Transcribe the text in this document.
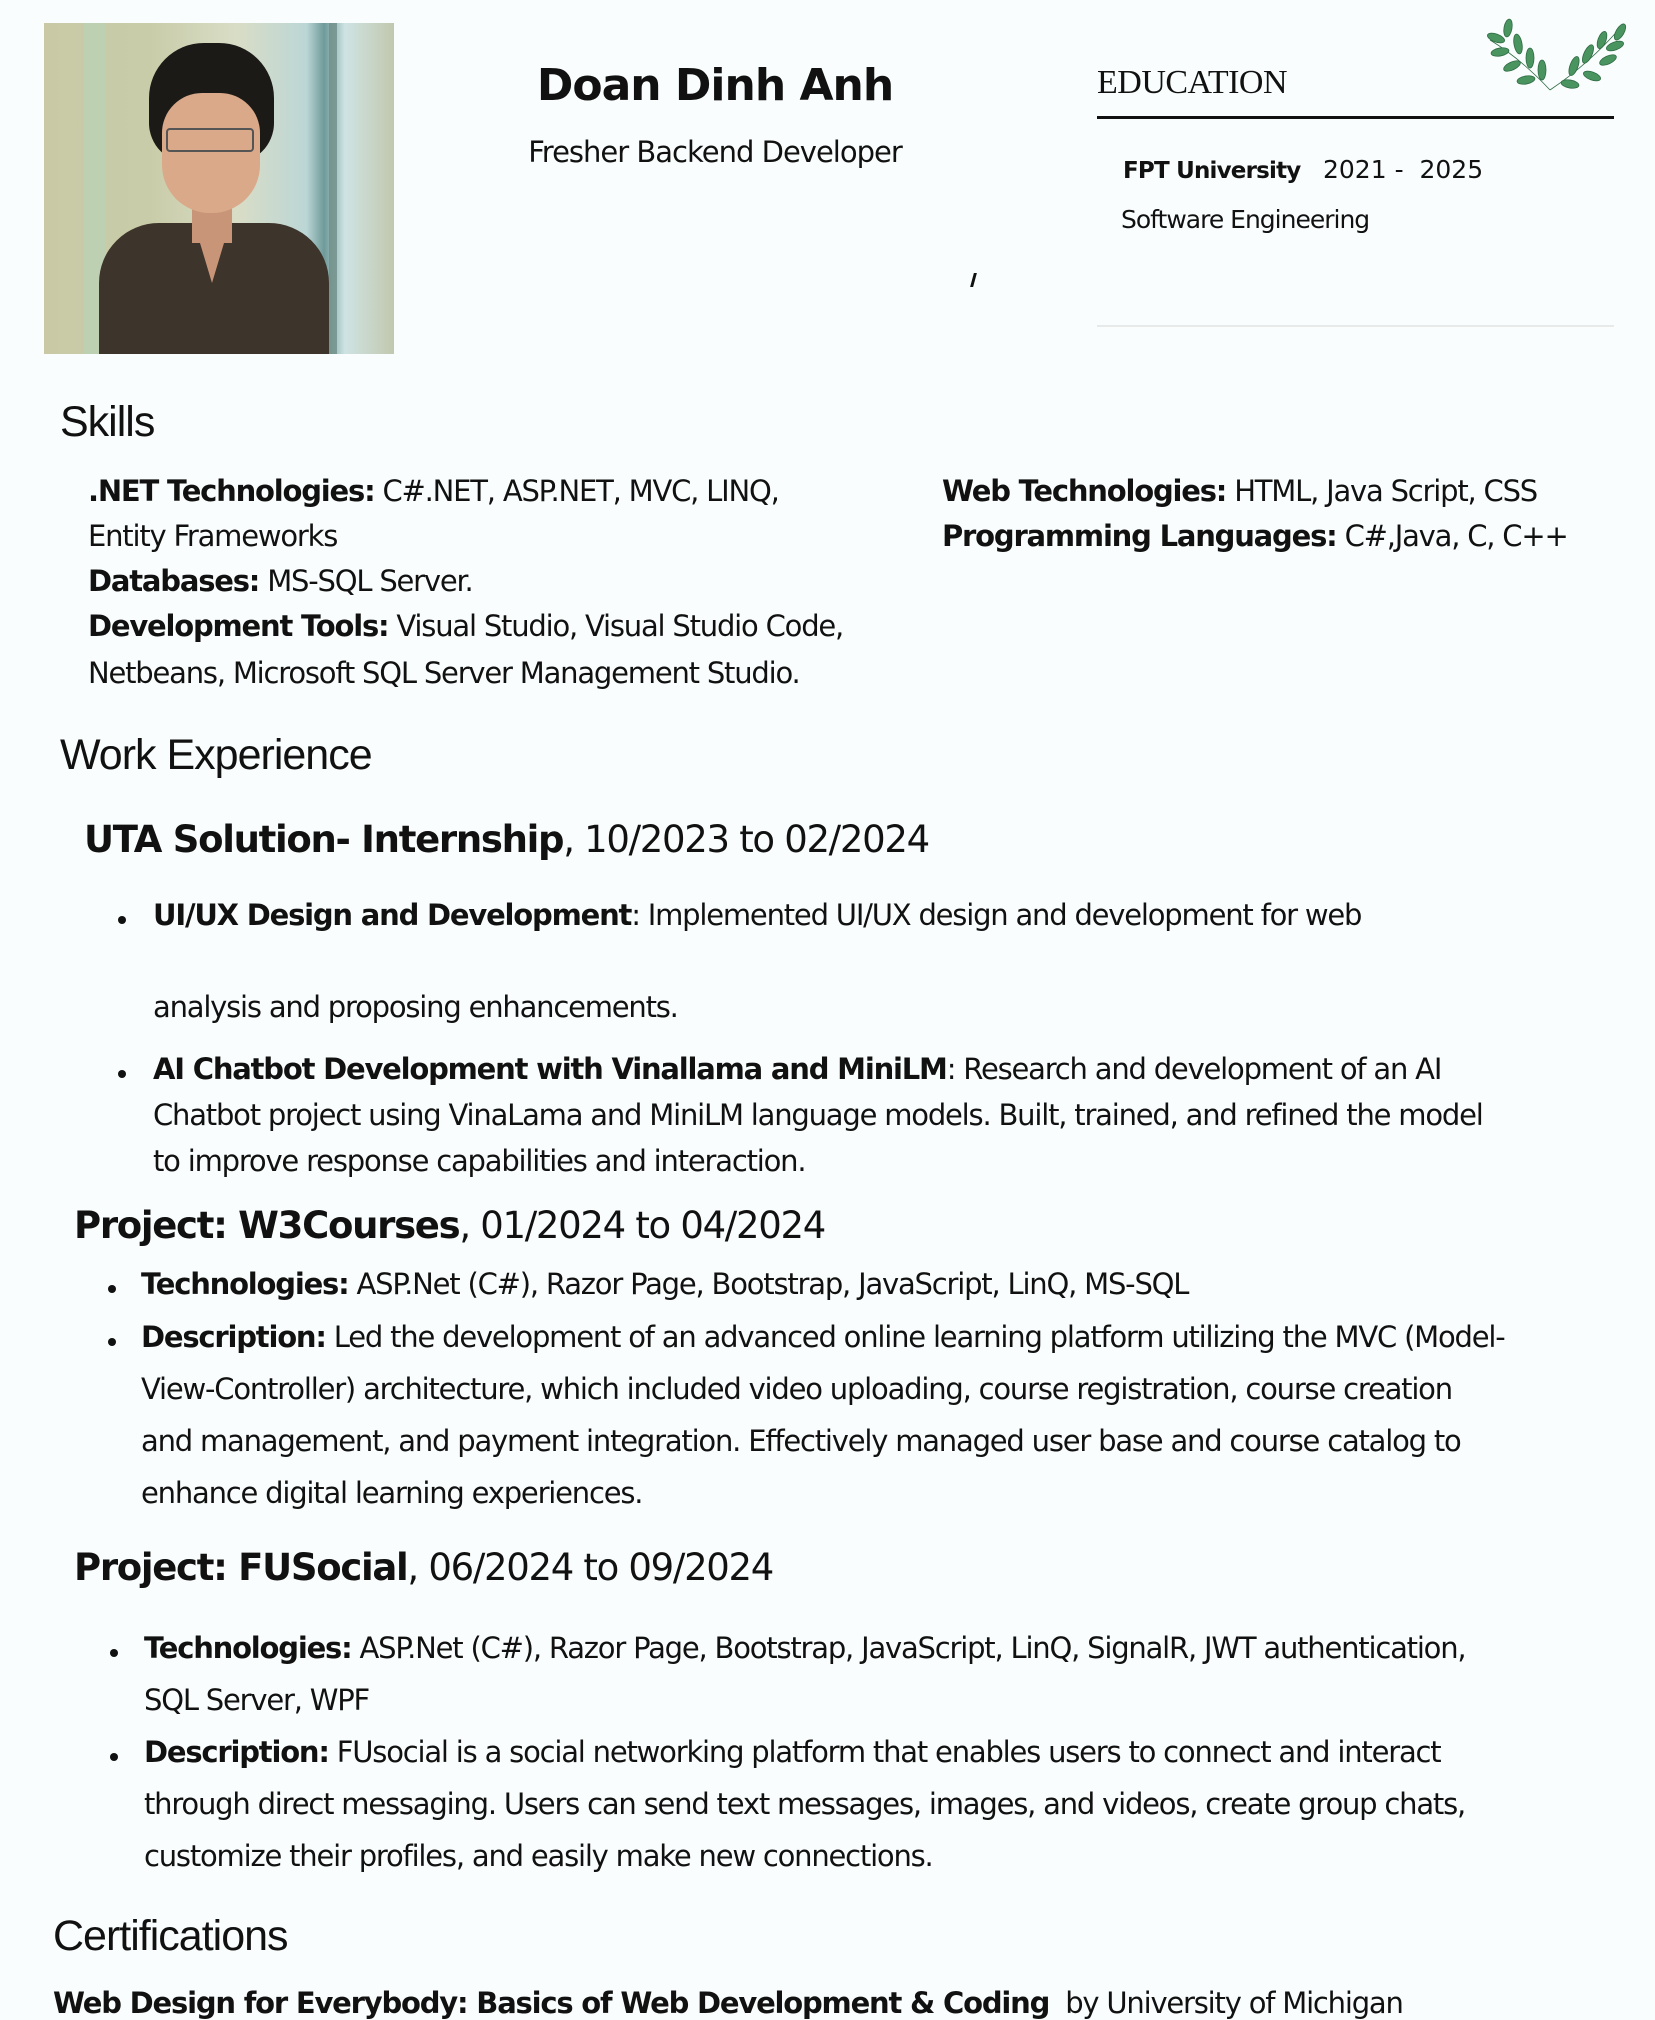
Doan Dinh Anh
Fresher Backend Developer
EDUCATION
FPT University 2021 -  2025
Software Engineering
Skills
.NET Technologies: C#.NET, ASP.NET, MVC, LINQ,
Entity Frameworks
Databases: MS-SQL Server.
Development Tools: Visual Studio, Visual Studio Code,
Netbeans, Microsoft SQL Server Management Studio.
Web Technologies: HTML, Java Script, CSS
Programming Languages: C#,Java, C, C++
Work Experience
UTA Solution- Internship, 10/2023 to 02/2024
UI/UX Design and Development: Implemented UI/UX design and development for web
analysis and proposing enhancements.
AI Chatbot Development with Vinallama and MiniLM: Research and development of an AI
Chatbot project using VinaLama and MiniLM language models. Built, trained, and refined the model
to improve response capabilities and interaction.
Project: W3Courses, 01/2024 to 04/2024
Technologies: ASP.Net (C#), Razor Page, Bootstrap, JavaScript, LinQ, MS-SQL
Description: Led the development of an advanced online learning platform utilizing the MVC (Model-
View-Controller) architecture, which included video uploading, course registration, course creation
and management, and payment integration. Effectively managed user base and course catalog to
enhance digital learning experiences.
Project: FUSocial, 06/2024 to 09/2024
Technologies: ASP.Net (C#), Razor Page, Bootstrap, JavaScript, LinQ, SignalR, JWT authentication,
SQL Server, WPF
Description: FUsocial is a social networking platform that enables users to connect and interact
through direct messaging. Users can send text messages, images, and videos, create group chats,
customize their profiles, and easily make new connections.
Certifications
Web Design for Everybody: Basics of Web Development & Coding  by University of Michigan
